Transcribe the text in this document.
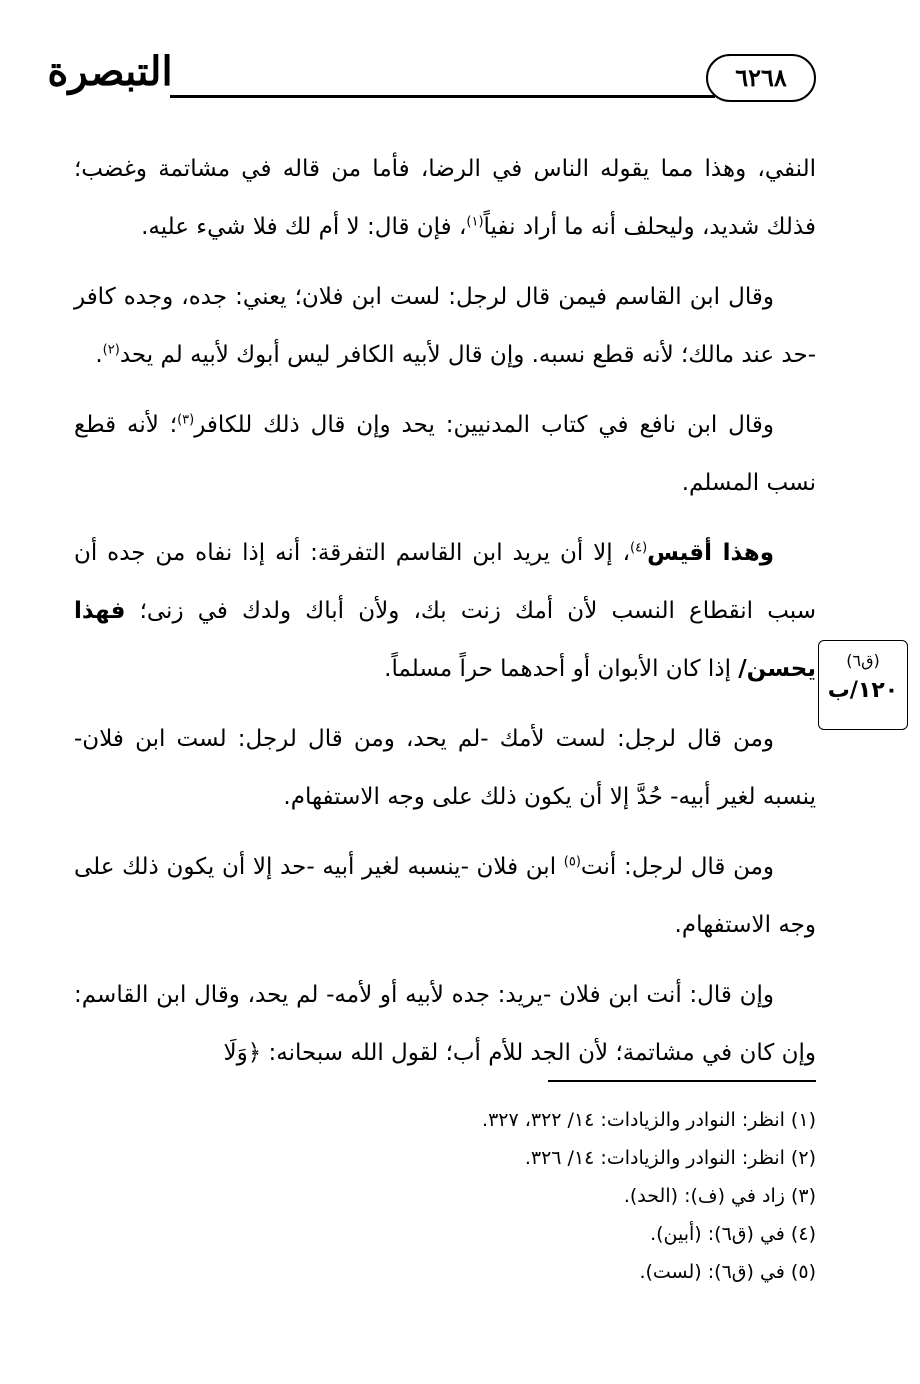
التبصرة	٦٢٦٨

النفي، وهذا مما يقوله الناس في الرضا، فأما من قاله في مشاتمة وغضب؛ فذلك شديد، وليحلف أنه ما أراد نفياً$^{(١)}$، فإن قال: لا أم لك فلا شيء عليه.

وقال ابن القاسم فيمن قال لرجل: لست ابن فلان؛ يعني: جده، وجده كافر -حد عند مالك؛ لأنه قطع نسبه. وإن قال لأبيه الكافر ليس أبوك لأبيه لم يحد$^{(٢)}$.

وقال ابن نافع في كتاب المدنيين: يحد وإن قال ذلك للكافر$^{(٣)}$؛ لأنه قطع نسب المسلم.

وهذا أقيس$^{(٤)}$، إلا أن يريد ابن القاسم التفرقة: أنه إذا نفاه من جده أن سبب انقطاع النسب لأن أمك زنت بك، ولأن أباك ولدك في زنى؛ فهذا يحسن/ إذا كان الأبوان أو أحدهما حراً مسلماً.

ومن قال لرجل: لست لأمك -لم يحد، ومن قال لرجل: لست ابن فلان- ينسبه لغير أبيه- حُدَّ إلا أن يكون ذلك على وجه الاستفهام.

ومن قال لرجل: أنت$^{(٥)}$ ابن فلان -ينسبه لغير أبيه -حد إلا أن يكون ذلك على وجه الاستفهام.

وإن قال: أنت ابن فلان -يريد: جده لأبيه أو لأمه- لم يحد، وقال ابن القاسم: وإن كان في مشاتمة؛ لأن الجد للأم أب؛ لقول الله سبحانه: ﴿وَلَا

(ق٦)
١٢٠/ب
(١) انظر: النوادر والزيادات: ١٤/ ٣٢٢، ٣٢٧.
(٢) انظر: النوادر والزيادات: ١٤/ ٣٢٦.
(٣) زاد في (ف): (الحد).
(٤) في (ق٦): (أبين).
(٥) في (ق٦): (لست).
